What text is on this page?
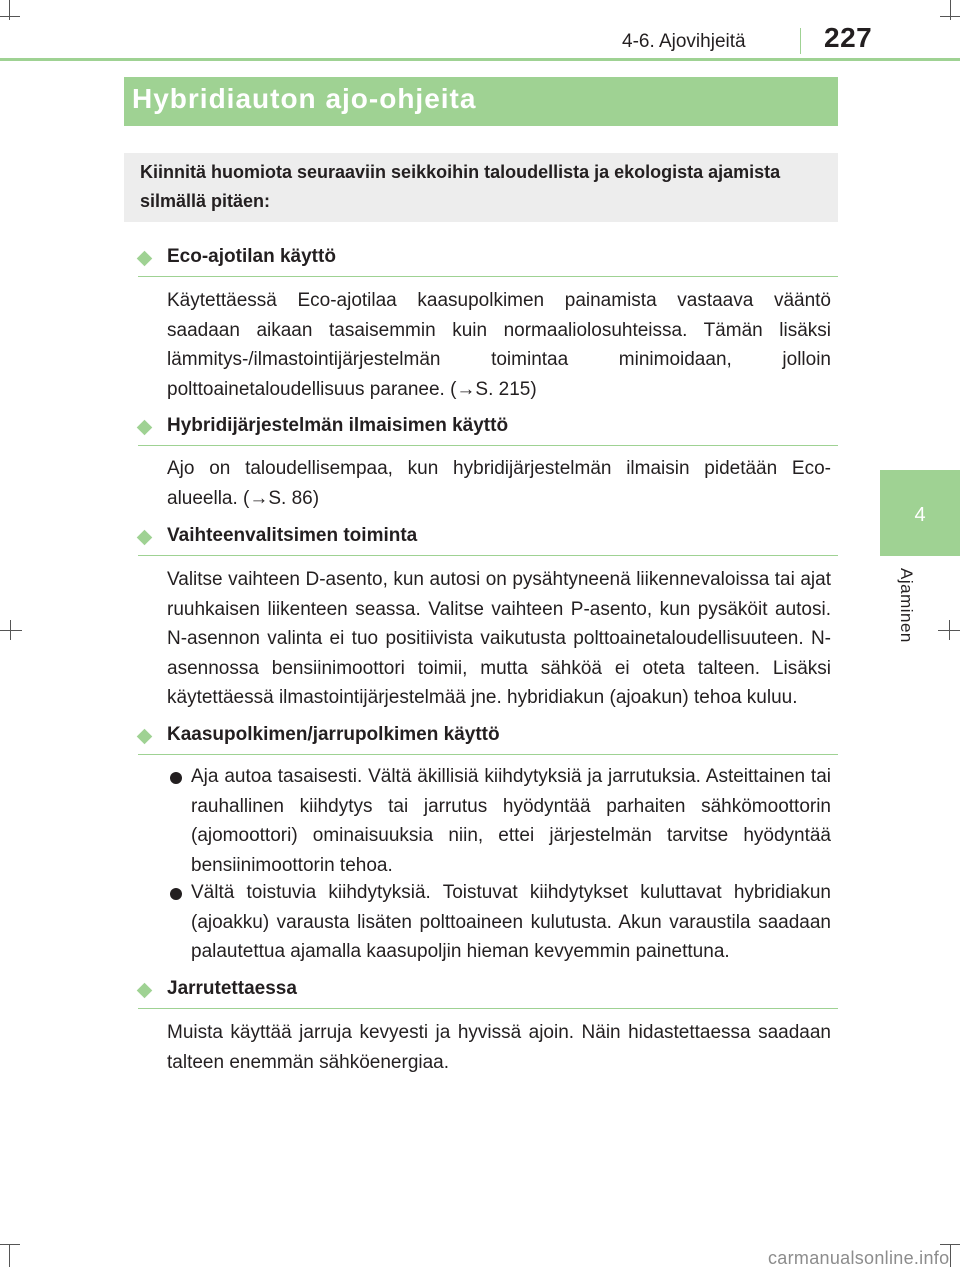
4-6. Ajovihjeitä	227
4
Ajaminen
Hybridiauton ajo-ohjeita
Kiinnitä huomiota seuraaviin seikkoihin taloudellista ja ekologista ajamista silmällä pitäen:
Eco-ajotilan käyttö
Käytettäessä Eco-ajotilaa kaasupolkimen painamista vastaava vääntö saadaan aikaan tasaisemmin kuin normaaliolosuhteissa. Tämän lisäksi lämmitys-/ilmastointijärjestelmän toimintaa minimoidaan, jolloin polttoainetaloudellisuus paranee. (→S. 215)
Hybridijärjestelmän ilmaisimen käyttö
Ajo on taloudellisempaa, kun hybridijärjestelmän ilmaisin pidetään Eco-alueella. (→S. 86)
Vaihteenvalitsimen toiminta
Valitse vaihteen D-asento, kun autosi on pysähtyneenä liikennevaloissa tai ajat ruuhkaisen liikenteen seassa. Valitse vaihteen P-asento, kun pysäköit autosi. N-asennon valinta ei tuo positiivista vaikutusta polttoainetaloudellisuuteen. N-asennossa bensiinimoottori toimii, mutta sähköä ei oteta talteen. Lisäksi käytettäessä ilmastointijärjestelmää jne. hybridiakun (ajoakun) tehoa kuluu.
Kaasupolkimen/jarrupolkimen käyttö
Aja autoa tasaisesti. Vältä äkillisiä kiihdytyksiä ja jarrutuksia. Asteittainen tai rauhallinen kiihdytys tai jarrutus hyödyntää parhaiten sähkömoottorin (ajomoottori) ominaisuuksia niin, ettei järjestelmän tarvitse hyödyntää bensiinimoottorin tehoa.
Vältä toistuvia kiihdytyksiä. Toistuvat kiihdytykset kuluttavat hybridiakun (ajoakku) varausta lisäten polttoaineen kulutusta. Akun varaustila saadaan palautettua ajamalla kaasupoljin hieman kevyemmin painettuna.
Jarrutettaessa
Muista käyttää jarruja kevyesti ja hyvissä ajoin. Näin hidastettaessa saadaan talteen enemmän sähköenergiaa.
carmanualsonline.info
